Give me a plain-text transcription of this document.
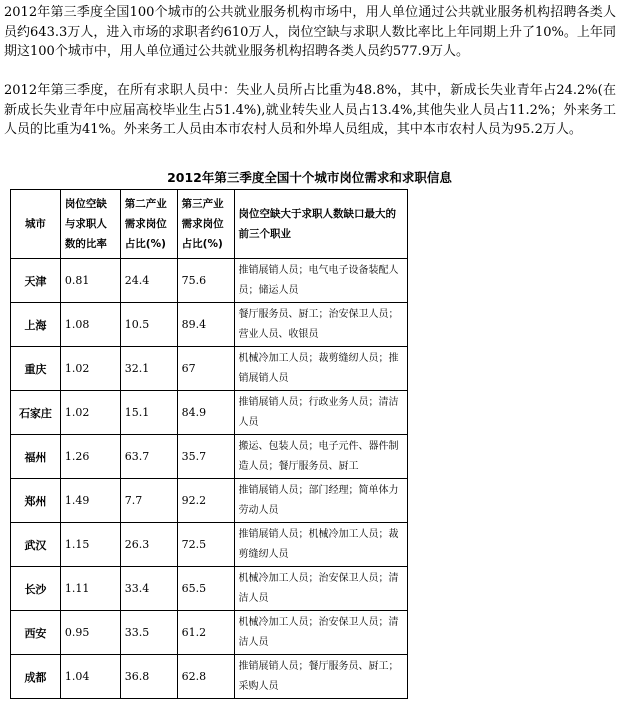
2012年第三季度全国100个城市的公共就业服务机构市场中，用人单位通过公共就业服务机构招聘各类人员约643.3万人，进入市场的求职者约610万人，岗位空缺与求职人数比率比上年同期上升了10%。上年同期这100个城市中，用人单位通过公共就业服务机构招聘各类人员约577.9万人。
2012年第三季度，在所有求职人员中：失业人员所占比重为48.8%，其中，新成长失业青年占24.2%(在新成长失业青年中应届高校毕业生占51.4%),就业转失业人员占13.4%,其他失业人员占11.2%；外来务工人员的比重为41%。外来务工人员由本市农村人员和外埠人员组成，其中本市农村人员为95.2万人。
2012年第三季度全国十个城市岗位需求和求职信息
城市	岗位空缺与求职人数的比率	第二产业需求岗位占比(%)	第三产业需求岗位占比(%)	岗位空缺大于求职人数缺口最大的前三个职业
天津	0.81	24.4	75.6	推销展销人员；电气电子设备装配人员；储运人员
上海	1.08	10.5	89.4	餐厅服务员、厨工；治安保卫人员；营业人员、收银员
重庆	1.02	32.1	67	机械冷加工人员；裁剪缝纫人员；推销展销人员
石家庄	1.02	15.1	84.9	推销展销人员；行政业务人员；清洁人员
福州	1.26	63.7	35.7	搬运、包装人员；电子元件、器件制造人员；餐厅服务员、厨工
郑州	1.49	7.7	92.2	推销展销人员；部门经理；简单体力劳动人员
武汉	1.15	26.3	72.5	推销展销人员；机械冷加工人员；裁剪缝纫人员
长沙	1.11	33.4	65.5	机械冷加工人员；治安保卫人员；清洁人员
西安	0.95	33.5	61.2	机械冷加工人员；治安保卫人员；清洁人员
成都	1.04	36.8	62.8	推销展销人员；餐厅服务员、厨工；采购人员
